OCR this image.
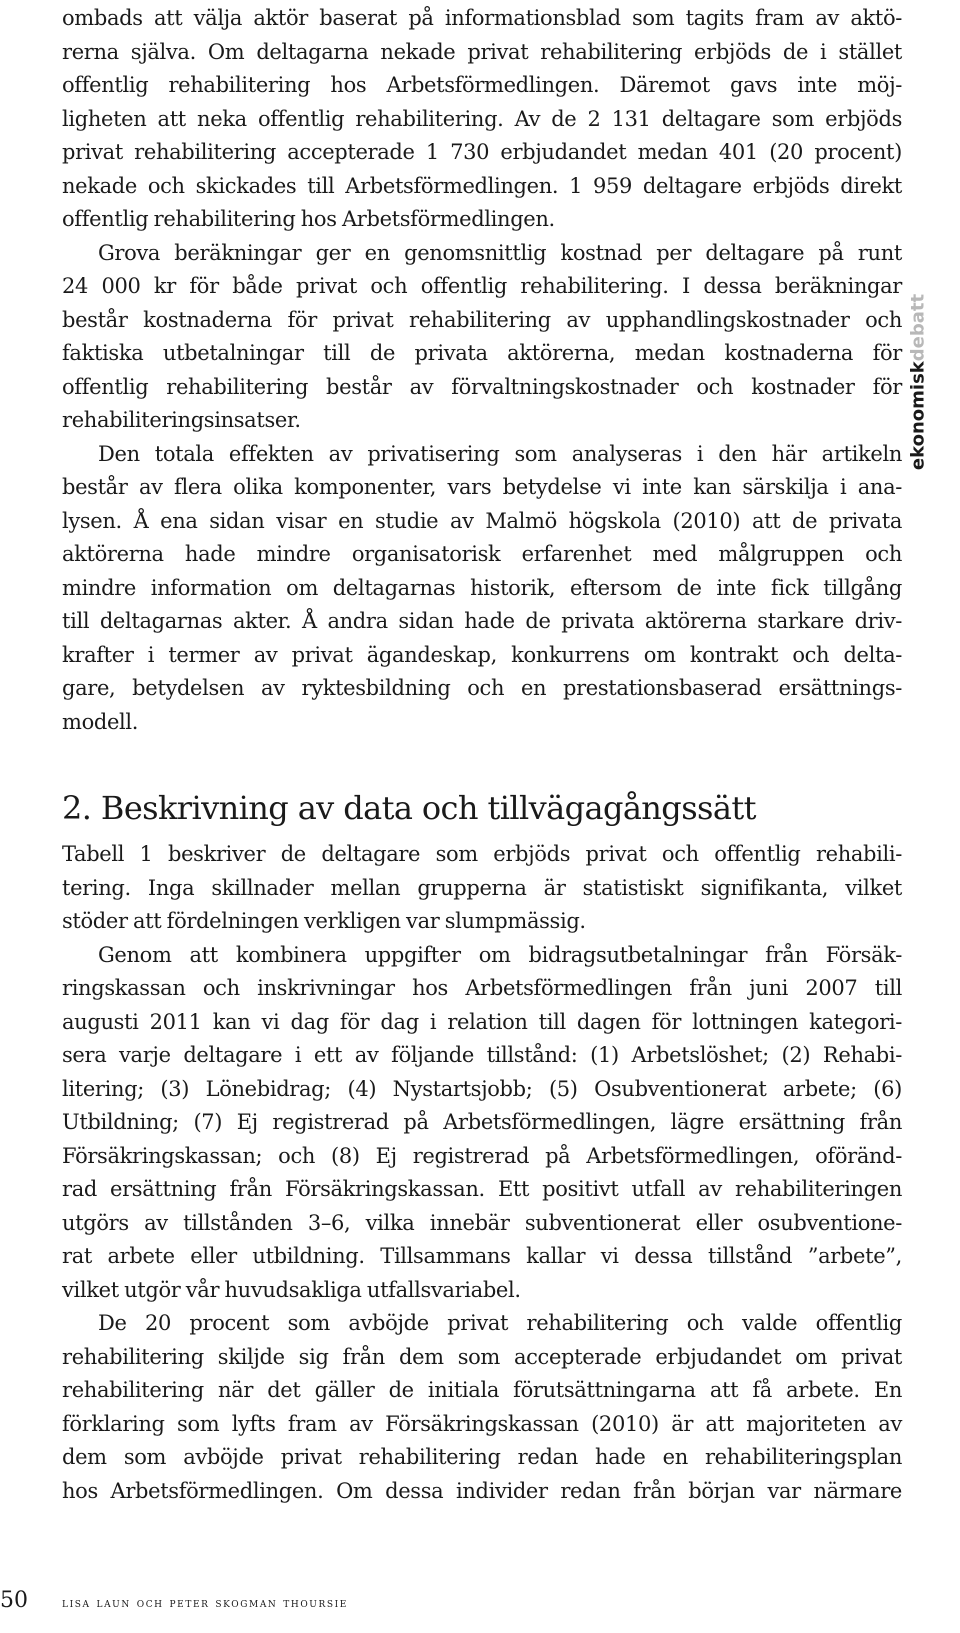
ombads att välja aktör baserat på informationsblad som tagits fram av aktö-
rerna själva. Om deltagarna nekade privat rehabilitering erbjöds de i stället
offentlig rehabilitering hos Arbetsförmedlingen. Däremot gavs inte möj-
ligheten att neka offentlig rehabilitering. Av de 2 131 deltagare som erbjöds
privat rehabilitering accepterade 1 730 erbjudandet medan 401 (20 procent)
nekade och skickades till Arbetsförmedlingen. 1 959 deltagare erbjöds direkt
offentlig rehabilitering hos Arbetsförmedlingen.
Grova beräkningar ger en genomsnittlig kostnad per deltagare på runt
24 000 kr för både privat och offentlig rehabilitering. I dessa beräkningar
består kostnaderna för privat rehabilitering av upphandlingskostnader och
faktiska utbetalningar till de privata aktörerna, medan kostnaderna för
offentlig rehabilitering består av förvaltningskostnader och kostnader för
rehabiliteringsinsatser.
Den totala effekten av privatisering som analyseras i den här artikeln
består av flera olika komponenter, vars betydelse vi inte kan särskilja i ana-
lysen. Å ena sidan visar en studie av Malmö högskola (2010) att de privata
aktörerna hade mindre organisatorisk erfarenhet med målgruppen och
mindre information om deltagarnas historik, eftersom de inte fick tillgång
till deltagarnas akter. Å andra sidan hade de privata aktörerna starkare driv-
krafter i termer av privat ägandeskap, konkurrens om kontrakt och delta-
gare, betydelsen av ryktesbildning och en prestationsbaserad ersättnings-
modell.
2. Beskrivning av data och tillvägagångssätt
Tabell 1 beskriver de deltagare som erbjöds privat och offentlig rehabili-
tering. Inga skillnader mellan grupperna är statistiskt signifikanta, vilket
stöder att fördelningen verkligen var slumpmässig.
Genom att kombinera uppgifter om bidragsutbetalningar från Försäk-
ringskassan och inskrivningar hos Arbetsförmedlingen från juni 2007 till
augusti 2011 kan vi dag för dag i relation till dagen för lottningen kategori-
sera varje deltagare i ett av följande tillstånd: (1) Arbetslöshet; (2) Rehabi-
litering; (3) Lönebidrag; (4) Nystartsjobb; (5) Osubventionerat arbete; (6)
Utbildning; (7) Ej registrerad på Arbetsförmedlingen, lägre ersättning från
Försäkringskassan; och (8) Ej registrerad på Arbetsförmedlingen, oföränd-
rad ersättning från Försäkringskassan. Ett positivt utfall av rehabiliteringen
utgörs av tillstånden 3–6, vilka innebär subventionerat eller osubventione-
rat arbete eller utbildning. Tillsammans kallar vi dessa tillstånd ”arbete”,
vilket utgör vår huvudsakliga utfallsvariabel.
De 20 procent som avböjde privat rehabilitering och valde offentlig
rehabilitering skiljde sig från dem som accepterade erbjudandet om privat
rehabilitering när det gäller de initiala förutsättningarna att få arbete. En
förklaring som lyfts fram av Försäkringskassan (2010) är att majoriteten av
dem som avböjde privat rehabilitering redan hade en rehabiliteringsplan
hos Arbetsförmedlingen. Om dessa individer redan från början var närmare
ekonomiskdebatt
50	lisa laun och peter skogman thoursie
